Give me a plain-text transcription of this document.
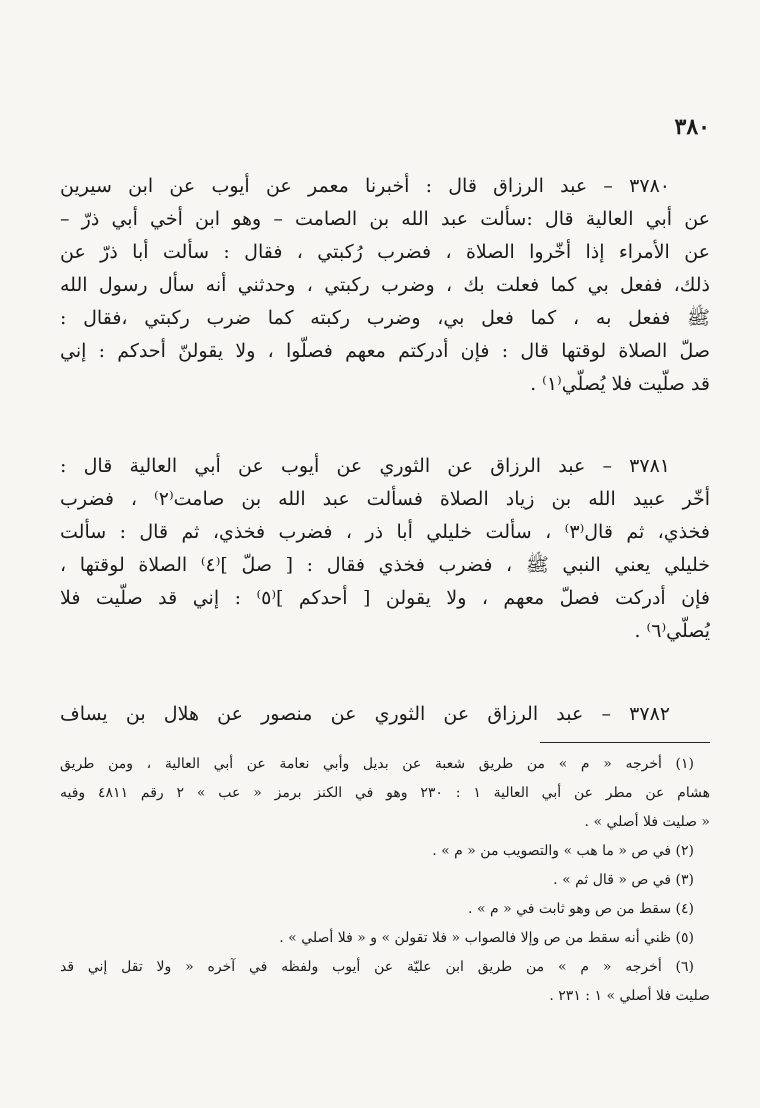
٣٨٠
٣٧٨٠ – عبد الرزاق قال : أخبرنا معمر عن أيوب عن ابن سيرين
عن أبي العالية قال :سألت عبد الله بن الصامت – وهو ابن أخي أبي ذرّ –
عن الأمراء إذا أخّروا الصلاة ، فضرب رُكبتي ، فقال : سألت أبا ذرّ عن
ذلك، ففعل بي كما فعلت بك ، وضرب ركبتي ، وحدثني أنه سأل رسول الله
ﷺ ففعل به ، كما فعل بي، وضرب ركبته كما ضرب ركبتي ،فقال :
صلّ الصلاة لوقتها قال : فإن أدركتم معهم فصلّوا ، ولا يقولنّ أحدكم : إني
قد صلّيت فلا يُصلّي⁽١⁾ .
٣٧٨١ – عبد الرزاق عن الثوري عن أيوب عن أبي العالية قال :
أخّر عبيد الله بن زياد الصلاة فسألت عبد الله بن صامت⁽٢⁾ ، فضرب
فخذي، ثم قال⁽٣⁾ ، سألت خليلي أبا ذر ، فضرب فخذي، ثم قال : سألت
خليلي يعني النبي ﷺ ، فضرب فخذي فقال : [ صلّ ]⁽٤⁾ الصلاة لوقتها ،
فإن أدركت فصلّ معهم ، ولا يقولن [ أحدكم ]⁽٥⁾ : إني قد صلّيت فلا
يُصلّي⁽٦⁾ .
٣٧٨٢ – عبد الرزاق عن الثوري عن منصور عن هلال بن يساف
(١) أخرجه « م » من طريق شعبة عن بديل وأبي نعامة عن أبي العالية ، ومن طريق
هشام عن مطر عن أبي العالية ١ : ٢٣٠ وهو في الكنز برمز « عب » ٢ رقم ٤٨١١ وفيه
« صليت فلا أصلي » .
(٢) في ص « ما هب » والتصويب من « م » .
(٣) في ص « قال ثم » .
(٤) سقط من ص وهو ثابت في « م » .
(٥) ظني أنه سقط من ص وإلا فالصواب « فلا تقولن » و « فلا أصلي » .
(٦) أخرجه « م » من طريق ابن عليّة عن أيوب ولفظه في آخره « ولا تقل إني قد
صليت فلا أصلي » ١ : ٢٣١ .
